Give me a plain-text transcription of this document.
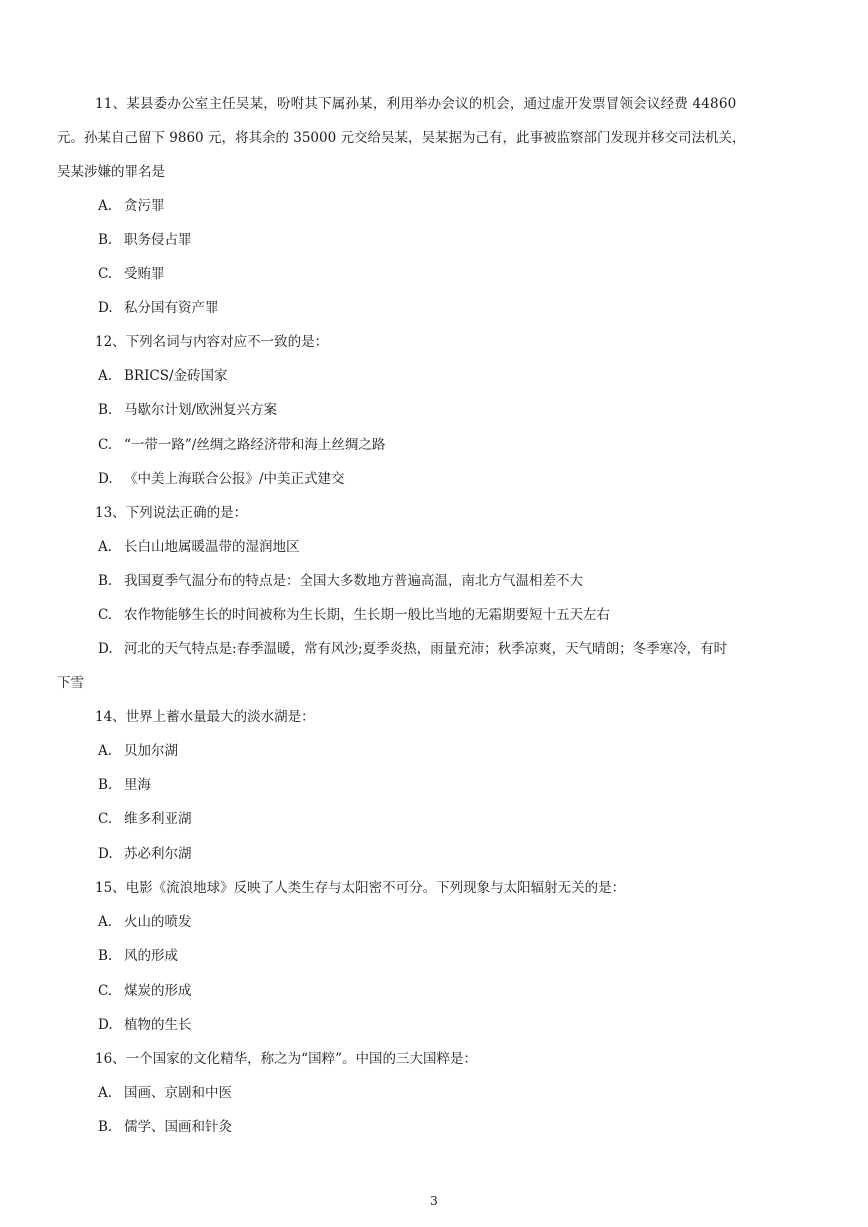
11、某县委办公室主任吴某，吩咐其下属孙某，利用举办会议的机会，通过虚开发票冒领会议经费 44860
元。孙某自己留下 9860 元，将其余的 35000 元交给吴某，吴某据为己有，此事被监察部门发现并移交司法机关，
吴某涉嫌的罪名是
A. 贪污罪
B. 职务侵占罪
C. 受贿罪
D. 私分国有资产罪
12、下列名词与内容对应不一致的是：
A. BRICS/金砖国家
B. 马歇尔计划/欧洲复兴方案
C. “一带一路”/丝绸之路经济带和海上丝绸之路
D. 《中美上海联合公报》/中美正式建交
13、下列说法正确的是：
A. 长白山地属暖温带的湿润地区
B. 我国夏季气温分布的特点是：全国大多数地方普遍高温，南北方气温相差不大
C. 农作物能够生长的时间被称为生长期，生长期一般比当地的无霜期要短十五天左右
D. 河北的天气特点是:春季温暖，常有风沙;夏季炎热，雨量充沛；秋季凉爽，天气晴朗；冬季寒冷，有时
下雪
14、世界上蓄水量最大的淡水湖是：
A. 贝加尔湖
B. 里海
C. 维多利亚湖
D. 苏必利尔湖
15、电影《流浪地球》反映了人类生存与太阳密不可分。下列现象与太阳辐射无关的是：
A. 火山的喷发
B. 风的形成
C. 煤炭的形成
D. 植物的生长
16、一个国家的文化精华，称之为“国粹”。中国的三大国粹是：
A. 国画、京剧和中医
B. 儒学、国画和针灸
3
